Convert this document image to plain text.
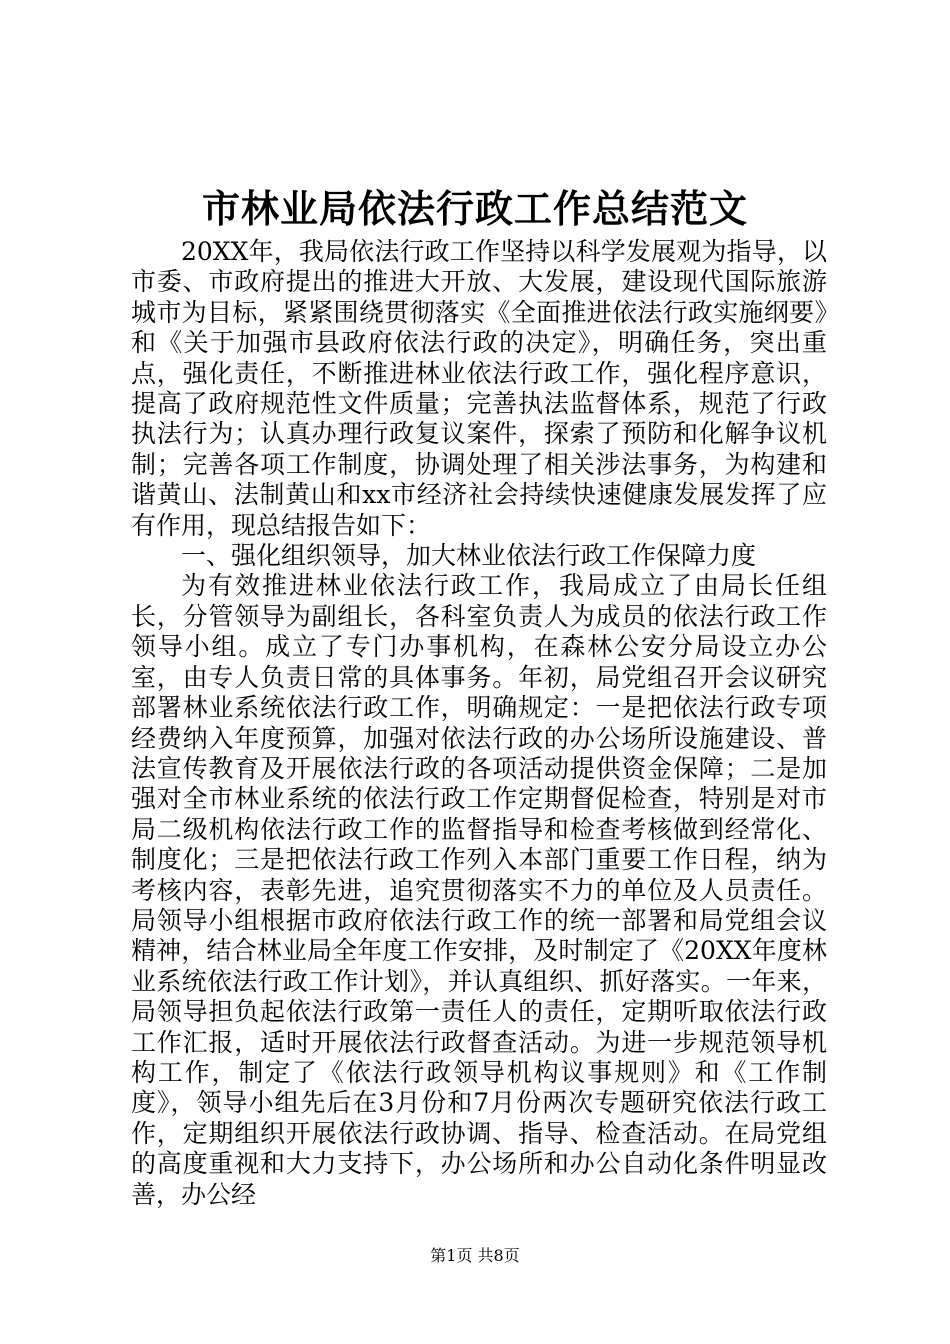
市林业局依法行政工作总结范文

20XX年，我局依法行政工作坚持以科学发展观为指导，以市委、市政府提出的推进大开放、大发展，建设现代国际旅游城市为目标，紧紧围绕贯彻落实《全面推进依法行政实施纲要》和《关于加强市县政府依法行政的决定》，明确任务，突出重点，强化责任，不断推进林业依法行政工作，强化程序意识，提高了政府规范性文件质量；完善执法监督体系，规范了行政执法行为；认真办理行政复议案件，探索了预防和化解争议机制；完善各项工作制度，协调处理了相关涉法事务，为构建和谐黄山、法制黄山和xx市经济社会持续快速健康发展发挥了应有作用，现总结报告如下：

一、强化组织领导，加大林业依法行政工作保障力度

为有效推进林业依法行政工作，我局成立了由局长任组长，分管领导为副组长，各科室负责人为成员的依法行政工作领导小组。成立了专门办事机构，在森林公安分局设立办公室，由专人负责日常的具体事务。年初，局党组召开会议研究部署林业系统依法行政工作，明确规定：一是把依法行政专项经费纳入年度预算，加强对依法行政的办公场所设施建设、普法宣传教育及开展依法行政的各项活动提供资金保障；二是加强对全市林业系统的依法行政工作定期督促检查，特别是对市局二级机构依法行政工作的监督指导和检查考核做到经常化、制度化；三是把依法行政工作列入本部门重要工作日程，纳为考核内容，表彰先进，追究贯彻落实不力的单位及人员责任。局领导小组根据市政府依法行政工作的统一部署和局党组会议精神，结合林业局全年度工作安排，及时制定了《20XX年度林业系统依法行政工作计划》，并认真组织、抓好落实。一年来，局领导担负起依法行政第一责任人的责任，定期听取依法行政工作汇报，适时开展依法行政督查活动。为进一步规范领导机构工作，制定了《依法行政领导机构议事规则》和《工作制度》，领导小组先后在3月份和7月份两次专题研究依法行政工作，定期组织开展依法行政协调、指导、检查活动。在局党组的高度重视和大力支持下，办公场所和办公自动化条件明显改善，办公经

第1页 共8页
